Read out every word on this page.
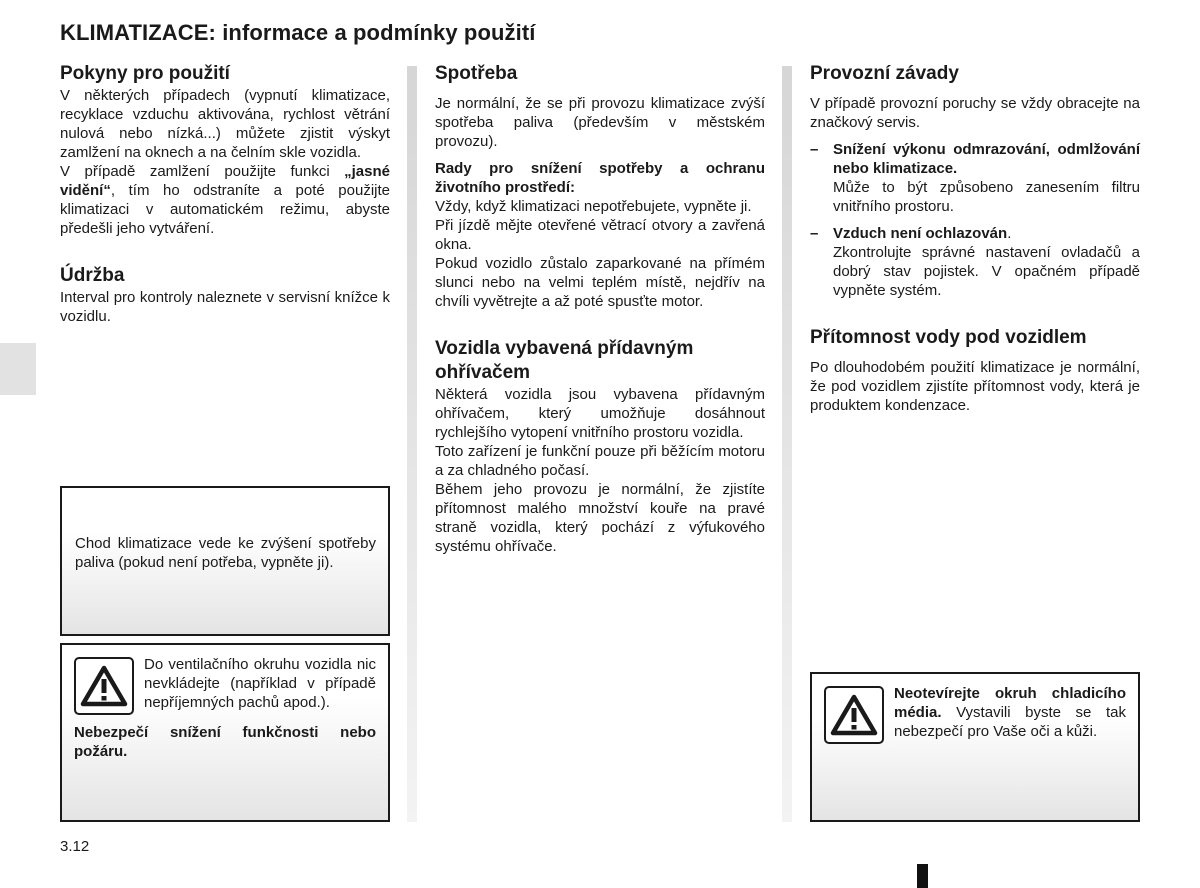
KLIMATIZACE: informace a podmínky použití
Pokyny pro použití

V některých případech (vypnutí klimatizace, recyklace vzduchu aktivována, rychlost větrání nulová nebo nízká...) můžete zjistit výskyt zamlžení na oknech a na čelním skle vozidla.

V případě zamlžení použijte funkci „jasné vidění“, tím ho odstraníte a poté použijte klimatizaci v automatickém režimu, abyste předešli jeho vytváření.

Údržba

Interval pro kontroly naleznete v servisní knížce k vozidlu.

Chod klimatizace vede ke zvýšení spotřeby paliva (pokud není potřeba, vypněte ji).

Do ventilačního okruhu vozidla nic nevkládejte (například v případě nepříjemných pachů apod.).

Nebezpečí snížení funkčnosti nebo požáru.

Spotřeba

Je normální, že se při provozu klimatizace zvýší spotřeba paliva (především v městském provozu).

Rady pro snížení spotřeby a ochranu životního prostředí:

Vždy, když klimatizaci nepotřebujete, vypněte ji.

Při jízdě mějte otevřené větrací otvory a zavřená okna.

Pokud vozidlo zůstalo zaparkované na přímém slunci nebo na velmi teplém místě, nejdřív na chvíli vyvětrejte a až poté spusťte motor.

Vozidla vybavená přídavným ohřívačem

Některá vozidla jsou vybavena přídavným ohřívačem, který umožňuje dosáhnout rychlejšího vytopení vnitřního prostoru vozidla.

Toto zařízení je funkční pouze při běžícím motoru a za chladného počasí.

Během jeho provozu je normální, že zjistíte přítomnost malého množství kouře na pravé straně vozidla, který pochází z výfukového systému ohřívače.

Provozní závady

V případě provozní poruchy se vždy obracejte na značkový servis.

– Snížení výkonu odmrazování, odmlžování nebo klimatizace.

Může to být způsobeno zanesením filtru vnitřního prostoru.

– Vzduch není ochlazován.

Zkontrolujte správné nastavení ovladačů a dobrý stav pojistek. V opačném případě vypněte systém.

Přítomnost vody pod vozidlem

Po dlouhodobém použití klimatizace je normální, že pod vozidlem zjistíte přítomnost vody, která je produktem kondenzace.

Neotevírejte okruh chladicího média. Vystavili byste se tak nebezpečí pro Vaše oči a kůži.

3.12
